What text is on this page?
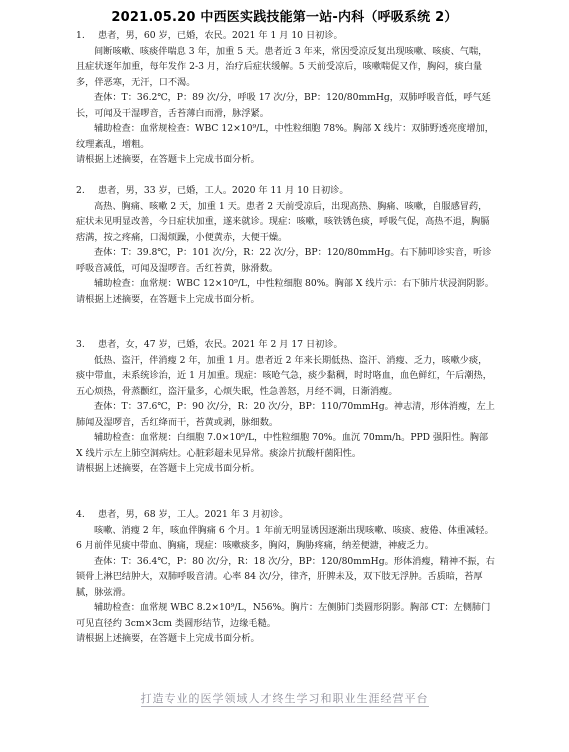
2021.05.20 中西医实践技能第一站-内科（呼吸系统 2）
1.	患者，男，60 岁，已婚，农民。2021 年 1 月 10 日初诊。

间断咳嗽、咳痰伴喘息 3 年，加重 5 天。患者近 3 年来，常因受凉反复出现咳嗽、咳痰、气喘，且症状逐年加重，每年发作 2-3 月，治疗后症状缓解。5 天前受凉后，咳嗽喘促又作，胸闷，痰白量多，伴恶寒，无汗，口不渴。

查体：T：36.2℃，P：89 次/分，呼吸 17 次/分，BP：120/80mmHg，双肺呼吸音低，呼气延长，可闻及干湿啰音，舌苔薄白而滑，脉浮紧。

辅助检查：血常规检查：WBC 12×10⁹/L，中性粒细胞 78%。胸部 X 线片：双肺野透亮度增加，纹理紊乱，增粗。

请根据上述摘要，在答题卡上完成书面分析。

2.	患者，男，33 岁，已婚，工人。2020 年 11 月 10 日初诊。

高热、胸痛、咳嗽 2 天，加重 1 天。患者 2 天前受凉后，出现高热、胸痛、咳嗽，自服感冒药，症状未见明显改善，今日症状加重，遂来就诊。现症：咳嗽，咳铁锈色痰，呼吸气促，高热不退，胸膈痞满，按之疼痛，口渴烦躁，小便黄赤，大便干燥。

查体：T：39.8℃，P：101 次/分，R：22 次/分，BP：120/80mmHg。右下肺叩诊实音，听诊呼吸音减低，可闻及湿啰音。舌红苔黄，脉滑数。

辅助检查：血常规：WBC 12×10⁹/L，中性粒细胞 80%。胸部 X 线片示：右下肺片状浸润阴影。

请根据上述摘要，在答题卡上完成书面分析。

3.	患者，女，47 岁，已婚，农民。2021 年 2 月 17 日初诊。

低热、盗汗，伴消瘦 2 年，加重 1 月。患者近 2 年来长期低热、盗汗、消瘦、乏力，咳嗽少痰，痰中带血，未系统诊治，近 1 月加重。现症：咳呛气急，痰少黏稠，时时咯血，血色鲜红，午后潮热，五心烦热，骨蒸颧红，盗汗量多，心烦失眠，性急善怒，月经不调，日渐消瘦。

查体：T：37.6℃，P：90 次/分，R：20 次/分，BP：110/70mmHg。神志清，形体消瘦，左上肺闻及湿啰音，舌红绛而干，苔黄或剥，脉细数。

辅助检查：血常规：白细胞 7.0×10⁹/L，中性粒细胞 70%。血沉 70mm/h。PPD 强阳性。胸部 X 线片示左上肺空洞病灶。心脏彩超未见异常。痰涂片抗酸杆菌阳性。

请根据上述摘要，在答题卡上完成书面分析。

4.	患者，男，68 岁，工人。2021 年 3 月初诊。

咳嗽、消瘦 2 年，咳血伴胸痛 6 个月。1 年前无明显诱因逐渐出现咳嗽、咳痰、疲倦、体重减轻。6 月前伴见痰中带血、胸痛，现症：咳嗽痰多，胸闷，胸胁疼痛，纳差便溏，神疲乏力。

查体：T：36.4℃，P：80 次/分，R：18 次/分，BP：120/80mmHg。形体消瘦，精神不振，右锁骨上淋巴结肿大，双肺呼吸音清。心率 84 次/分，律齐，肝脾未及，双下肢无浮肿。舌质暗，苔厚腻，脉弦滑。

辅助检查：血常规 WBC 8.2×10⁹/L，N56%。胸片：左侧肺门类圆形阴影。胸部 CT：左侧肺门可见直径约 3cm×3cm 类圆形结节，边缘毛糙。

请根据上述摘要，在答题卡上完成书面分析。

打造专业的医学领域人才终生学习和职业生涯经营平台
